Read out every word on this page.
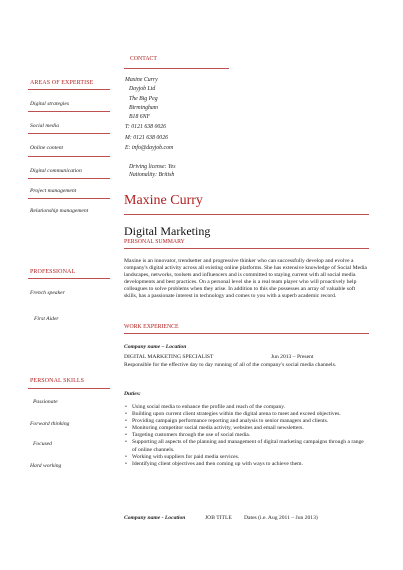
CONTACT
Maxine Curry
Dayjob Ltd
The Big Peg
Birmingham
B18 6NF
T: 0121 638 0026
M: 0121 638 0026
E: info@dayjob.com
Driving license: Yes
Nationality: British
AREAS OF EXPERTISE
Digital strategies
Social media
Online content
Digital communication
Project management
Relationship management
PROFESSIONAL
French speaker
First Aider
PERSONAL SKILLS
Passionate
Forward thinking
Focused
Hard working
Maxine Curry
Digital Marketing
PERSONAL SUMMARY
Maxine is an innovator, trendsetter and progressive thinker who can successfully develop and evolve a company's digital activity across all existing online platforms. She has extensive knowledge of Social Media landscapes, networks, toolsets and influencers and is committed to staying current with all social media developments and best practices. On a personal level she is a real team player who will proactively help colleagues to solve problems when they arise. In addition to this she possesses an array of valuable soft skills, has a passionate interest in technology and comes to you with a superb academic record.
WORK EXPERIENCE
Company name – Location
DIGITAL MARKETING SPECIALIST	Jun 2013 – Present
Responsible for the effective day to day running of all of the company's social media channels.
Duties:
• Using social media to enhance the profile and reach of the company.
• Building upon current client strategies within the digital arena to meet and exceed objectives.
• Providing campaign performance reporting and analysis to senior managers and clients.
• Monitoring competitor social media activity, websites and email newsletters.
• Targeting customers through the use of social media.
• Supporting all aspects of the planning and management of digital marketing campaigns through a range of online channels.
• Working with suppliers for paid media services.
• Identifying client objectives and then coming up with ways to achieve them.
Company name - Location	JOB TITLE Dates (i.e. Aug 2011 – Jun 2013)
